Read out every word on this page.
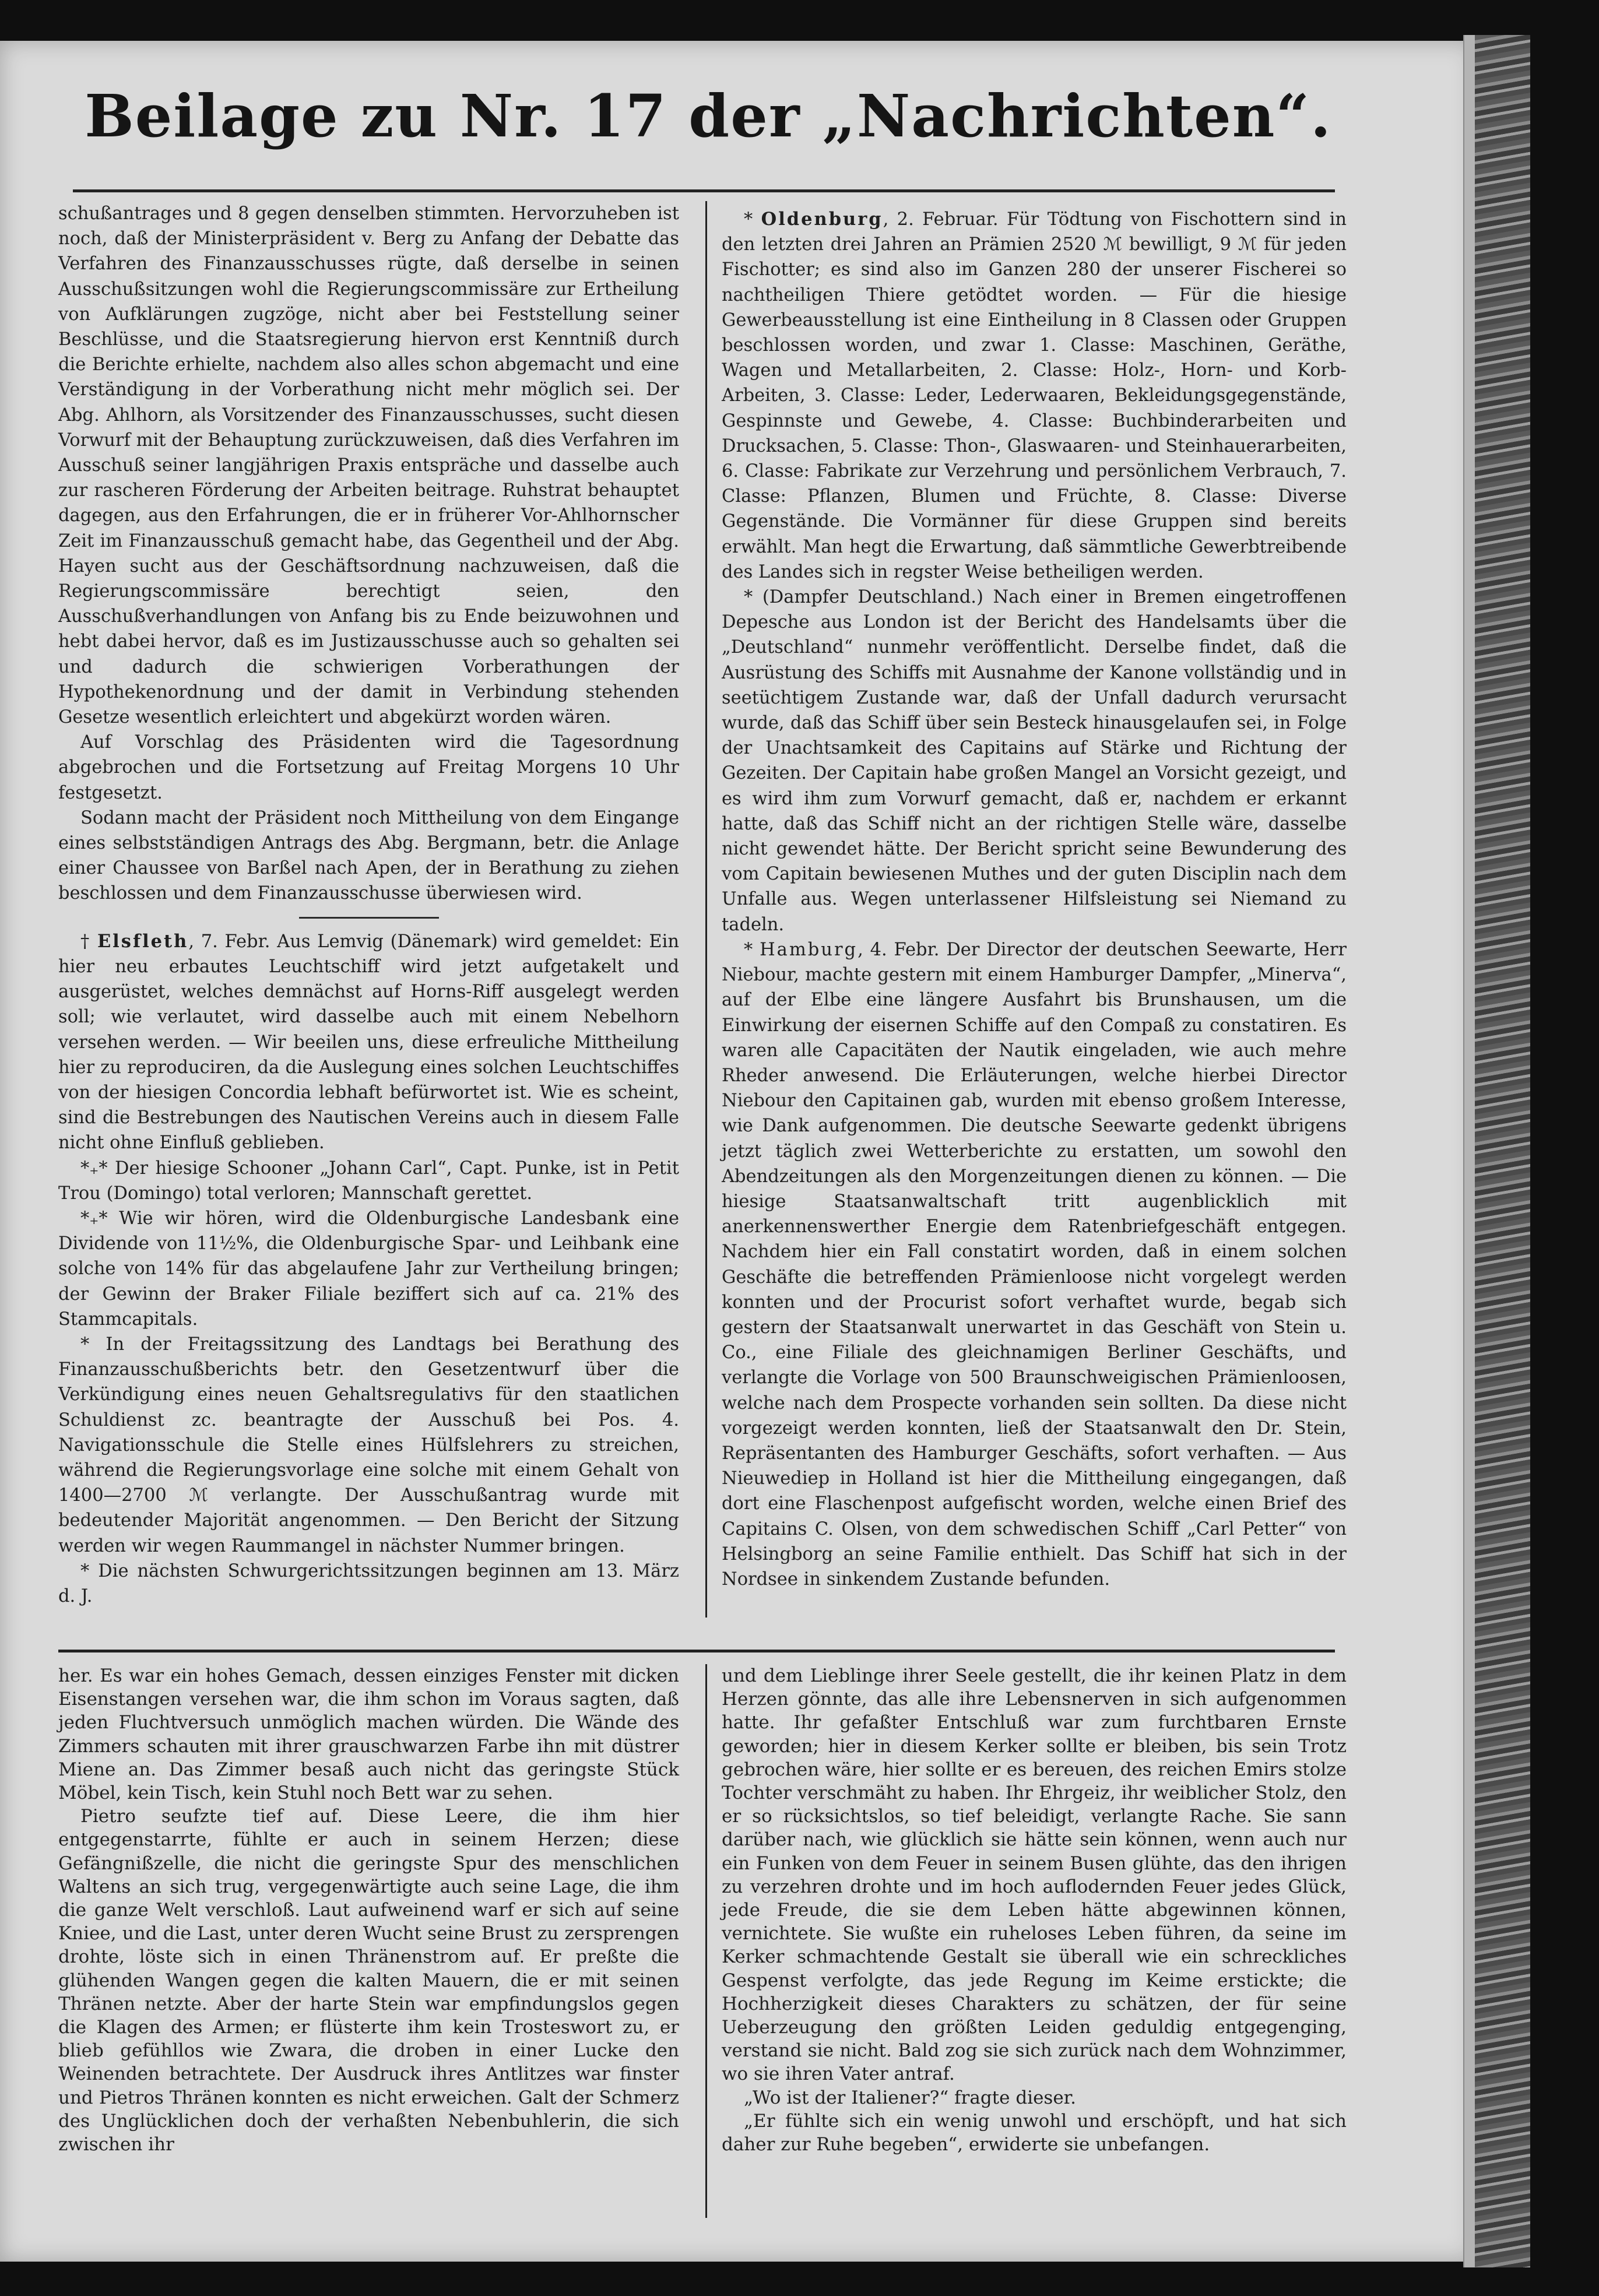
Beilage zu Nr. 17 der „Nachrichten“.

schußantrages und 8 gegen denselben stimmten. Hervorzuheben ist noch, daß der Ministerpräsident v. Berg zu Anfang der Debatte das Verfahren des Finanzausschusses rügte, daß derselbe in seinen Ausschußsitzungen wohl die Regierungscommissäre zur Ertheilung von Aufklärungen zugzöge, nicht aber bei Feststellung seiner Beschlüsse, und die Staatsregierung hiervon erst Kenntniß durch die Berichte erhielte, nachdem also alles schon abgemacht und eine Verständigung in der Vorberathung nicht mehr möglich sei. Der Abg. Ahlhorn, als Vorsitzender des Finanzausschusses, sucht diesen Vorwurf mit der Behauptung zurückzuweisen, daß dies Verfahren im Ausschuß seiner langjährigen Praxis entspräche und dasselbe auch zur rascheren Förderung der Arbeiten beitrage. Ruhstrat behauptet dagegen, aus den Erfahrungen, die er in früherer Vor-Ahlhornscher Zeit im Finanzausschuß gemacht habe, das Gegentheil und der Abg. Hayen sucht aus der Geschäftsordnung nachzuweisen, daß die Regierungscommissäre berechtigt seien, den Ausschußverhandlungen von Anfang bis zu Ende beizuwohnen und hebt dabei hervor, daß es im Justizausschusse auch so gehalten sei und dadurch die schwierigen Vorberathungen der Hypothekenordnung und der damit in Verbindung stehenden Gesetze wesentlich erleichtert und abgekürzt worden wären.

Auf Vorschlag des Präsidenten wird die Tagesordnung abgebrochen und die Fortsetzung auf Freitag Morgens 10 Uhr festgesetzt.

Sodann macht der Präsident noch Mittheilung von dem Eingange eines selbstständigen Antrags des Abg. Bergmann, betr. die Anlage einer Chaussee von Barßel nach Apen, der in Berathung zu ziehen beschlossen und dem Finanzausschusse überwiesen wird.

† Elsfleth, 7. Febr. Aus Lemvig (Dänemark) wird gemeldet: Ein hier neu erbautes Leuchtschiff wird jetzt aufgetakelt und ausgerüstet, welches demnächst auf Horns-Riff ausgelegt werden soll; wie verlautet, wird dasselbe auch mit einem Nebelhorn versehen werden. — Wir beeilen uns, diese erfreuliche Mittheilung hier zu reproduciren, da die Auslegung eines solchen Leuchtschiffes von der hiesigen Concordia lebhaft befürwortet ist. Wie es scheint, sind die Bestrebungen des Nautischen Vereins auch in diesem Falle nicht ohne Einfluß geblieben.

*₊* Der hiesige Schooner „Johann Carl“, Capt. Punke, ist in Petit Trou (Domingo) total verloren; Mannschaft gerettet.

*₊* Wie wir hören, wird die Oldenburgische Landesbank eine Dividende von 11½%, die Oldenburgische Spar- und Leihbank eine solche von 14% für das abgelaufene Jahr zur Vertheilung bringen; der Gewinn der Braker Filiale beziffert sich auf ca. 21% des Stammcapitals.

* In der Freitagssitzung des Landtags bei Berathung des Finanzausschußberichts betr. den Gesetzentwurf über die Verkündigung eines neuen Gehaltsregulativs für den staatlichen Schuldienst zc. beantragte der Ausschuß bei Pos. 4. Navigationsschule die Stelle eines Hülfslehrers zu streichen, während die Regierungsvorlage eine solche mit einem Gehalt von 1400—2700 ℳ verlangte. Der Ausschußantrag wurde mit bedeutender Majorität angenommen. — Den Bericht der Sitzung werden wir wegen Raummangel in nächster Nummer bringen.

* Die nächsten Schwurgerichtssitzungen beginnen am 13. März d. J.

* Oldenburg, 2. Februar. Für Tödtung von Fischottern sind in den letzten drei Jahren an Prämien 2520 ℳ bewilligt, 9 ℳ für jeden Fischotter; es sind also im Ganzen 280 der unserer Fischerei so nachtheiligen Thiere getödtet worden. — Für die hiesige Gewerbeausstellung ist eine Eintheilung in 8 Classen oder Gruppen beschlossen worden, und zwar 1. Classe: Maschinen, Geräthe, Wagen und Metallarbeiten, 2. Classe: Holz-, Horn- und Korb-Arbeiten, 3. Classe: Leder, Lederwaaren, Bekleidungsgegenstände, Gespinnste und Gewebe, 4. Classe: Buchbinderarbeiten und Drucksachen, 5. Classe: Thon-, Glaswaaren- und Steinhauerarbeiten, 6. Classe: Fabrikate zur Verzehrung und persönlichem Verbrauch, 7. Classe: Pflanzen, Blumen und Früchte, 8. Classe: Diverse Gegenstände. Die Vormänner für diese Gruppen sind bereits erwählt. Man hegt die Erwartung, daß sämmtliche Gewerbtreibende des Landes sich in regster Weise betheiligen werden.

* (Dampfer Deutschland.) Nach einer in Bremen eingetroffenen Depesche aus London ist der Bericht des Handelsamts über die „Deutschland“ nunmehr veröffentlicht. Derselbe findet, daß die Ausrüstung des Schiffs mit Ausnahme der Kanone vollständig und in seetüchtigem Zustande war, daß der Unfall dadurch verursacht wurde, daß das Schiff über sein Besteck hinausgelaufen sei, in Folge der Unachtsamkeit des Capitains auf Stärke und Richtung der Gezeiten. Der Capitain habe großen Mangel an Vorsicht gezeigt, und es wird ihm zum Vorwurf gemacht, daß er, nachdem er erkannt hatte, daß das Schiff nicht an der richtigen Stelle wäre, dasselbe nicht gewendet hätte. Der Bericht spricht seine Bewunderung des vom Capitain bewiesenen Muthes und der guten Disciplin nach dem Unfalle aus. Wegen unterlassener Hilfsleistung sei Niemand zu tadeln.

* Hamburg, 4. Febr. Der Director der deutschen Seewarte, Herr Niebour, machte gestern mit einem Hamburger Dampfer, „Minerva“, auf der Elbe eine längere Ausfahrt bis Brunshausen, um die Einwirkung der eisernen Schiffe auf den Compaß zu constatiren. Es waren alle Capacitäten der Nautik eingeladen, wie auch mehre Rheder anwesend. Die Erläuterungen, welche hierbei Director Niebour den Capitainen gab, wurden mit ebenso großem Interesse, wie Dank aufgenommen. Die deutsche Seewarte gedenkt übrigens jetzt täglich zwei Wetterberichte zu erstatten, um sowohl den Abendzeitungen als den Morgenzeitungen dienen zu können. — Die hiesige Staatsanwaltschaft tritt augenblicklich mit anerkennenswerther Energie dem Ratenbriefgeschäft entgegen. Nachdem hier ein Fall constatirt worden, daß in einem solchen Geschäfte die betreffenden Prämienloose nicht vorgelegt werden konnten und der Procurist sofort verhaftet wurde, begab sich gestern der Staatsanwalt unerwartet in das Geschäft von Stein u. Co., eine Filiale des gleichnamigen Berliner Geschäfts, und verlangte die Vorlage von 500 Braunschweigischen Prämienloosen, welche nach dem Prospecte vorhanden sein sollten. Da diese nicht vorgezeigt werden konnten, ließ der Staatsanwalt den Dr. Stein, Repräsentanten des Hamburger Geschäfts, sofort verhaften. — Aus Nieuwediep in Holland ist hier die Mittheilung eingegangen, daß dort eine Flaschenpost aufgefischt worden, welche einen Brief des Capitains C. Olsen, von dem schwedischen Schiff „Carl Petter“ von Helsingborg an seine Familie enthielt. Das Schiff hat sich in der Nordsee in sinkendem Zustande befunden.

her. Es war ein hohes Gemach, dessen einziges Fenster mit dicken Eisenstangen versehen war, die ihm schon im Voraus sagten, daß jeden Fluchtversuch unmöglich machen würden. Die Wände des Zimmers schauten mit ihrer grauschwarzen Farbe ihn mit düstrer Miene an. Das Zimmer besaß auch nicht das geringste Stück Möbel, kein Tisch, kein Stuhl noch Bett war zu sehen.

Pietro seufzte tief auf. Diese Leere, die ihm hier entgegenstarrte, fühlte er auch in seinem Herzen; diese Gefängnißzelle, die nicht die geringste Spur des menschlichen Waltens an sich trug, vergegenwärtigte auch seine Lage, die ihm die ganze Welt verschloß. Laut aufweinend warf er sich auf seine Kniee, und die Last, unter deren Wucht seine Brust zu zersprengen drohte, löste sich in einen Thränenstrom auf. Er preßte die glühenden Wangen gegen die kalten Mauern, die er mit seinen Thränen netzte. Aber der harte Stein war empfindungslos gegen die Klagen des Armen; er flüsterte ihm kein Trosteswort zu, er blieb gefühllos wie Zwara, die droben in einer Lucke den Weinenden betrachtete. Der Ausdruck ihres Antlitzes war finster und Pietros Thränen konnten es nicht erweichen. Galt der Schmerz des Unglücklichen doch der verhaßten Nebenbuhlerin, die sich zwischen ihr

und dem Lieblinge ihrer Seele gestellt, die ihr keinen Platz in dem Herzen gönnte, das alle ihre Lebensnerven in sich aufgenommen hatte. Ihr gefaßter Entschluß war zum furchtbaren Ernste geworden; hier in diesem Kerker sollte er bleiben, bis sein Trotz gebrochen wäre, hier sollte er es bereuen, des reichen Emirs stolze Tochter verschmäht zu haben. Ihr Ehrgeiz, ihr weiblicher Stolz, den er so rücksichtslos, so tief beleidigt, verlangte Rache. Sie sann darüber nach, wie glücklich sie hätte sein können, wenn auch nur ein Funken von dem Feuer in seinem Busen glühte, das den ihrigen zu verzehren drohte und im hoch auflodernden Feuer jedes Glück, jede Freude, die sie dem Leben hätte abgewinnen können, vernichtete. Sie wußte ein ruheloses Leben führen, da seine im Kerker schmachtende Gestalt sie überall wie ein schreckliches Gespenst verfolgte, das jede Regung im Keime erstickte; die Hochherzigkeit dieses Charakters zu schätzen, der für seine Ueberzeugung den größten Leiden geduldig entgegenging, verstand sie nicht. Bald zog sie sich zurück nach dem Wohnzimmer, wo sie ihren Vater antraf.

„Wo ist der Italiener?“ fragte dieser.

„Er fühlte sich ein wenig unwohl und erschöpft, und hat sich daher zur Ruhe begeben“, erwiderte sie unbefangen.
